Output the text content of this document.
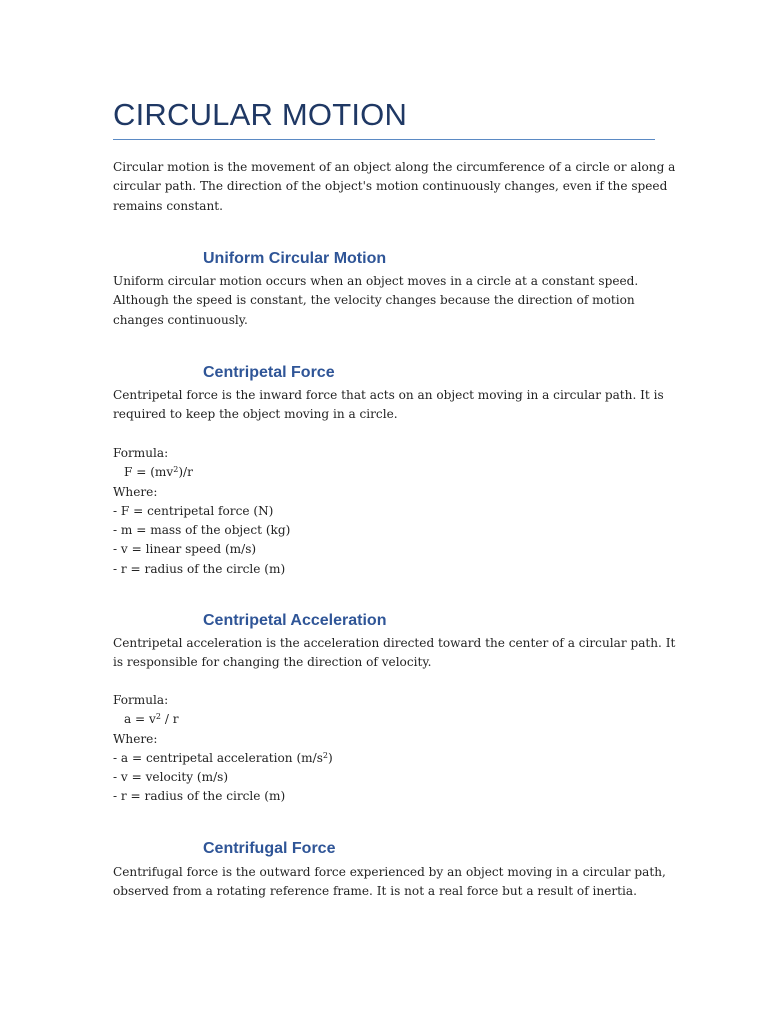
CIRCULAR MOTION

Circular motion is the movement of an object along the circumference of a circle or along a
circular path. The direction of the object's motion continuously changes, even if the speed
remains constant.

Uniform Circular Motion

Uniform circular motion occurs when an object moves in a circle at a constant speed.
Although the speed is constant, the velocity changes because the direction of motion
changes continuously.

Centripetal Force

Centripetal force is the inward force that acts on an object moving in a circular path. It is
required to keep the object moving in a circle.

Formula:
$F = (mv^2)/r$
Where:
- F = centripetal force (N)
- m = mass of the object (kg)
- v = linear speed (m/s)
- r = radius of the circle (m)
Centripetal Acceleration

Centripetal acceleration is the acceleration directed toward the center of a circular path. It
is responsible for changing the direction of velocity.

Formula:
$a = v^2 / r$
Where:
- a = centripetal acceleration $(m/s^2)$
- v = velocity (m/s)
- r = radius of the circle (m)
Centrifugal Force

Centrifugal force is the outward force experienced by an object moving in a circular path,
observed from a rotating reference frame. It is not a real force but a result of inertia.
